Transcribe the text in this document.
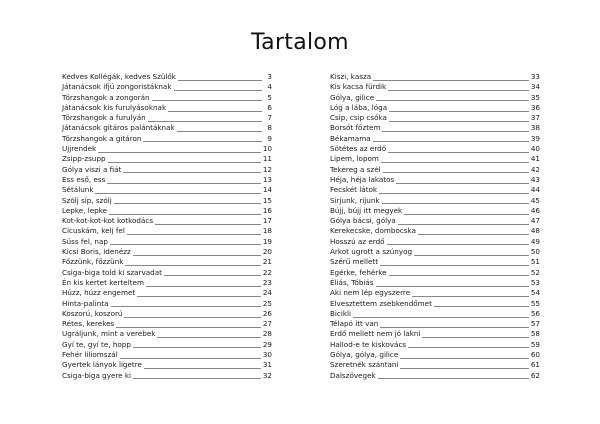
Tartalom
Kedves Kollégák, kedves Szülők	3
Játanácsok ifjú zongoristáknak	4
Törzshangok a zongorán	5
Játanácsok kis furulyásoknak	6
Törzshangok a furulyán	7
Játanácsok gitáros palántáknak	8
Törzshangok a gitáron	9
Ujjrendek	10
Zsipp-zsupp	11
Gólya viszi a fiát	12
Ess eső, ess	13
Sétálunk	14
Szólj síp, szólj	15
Lepke, lepke	16
Kot-kot-kot-kot kotkodács	17
Cicuskám, kelj fel	18
Süss fel, nap	19
Kicsi Boris, idenézz	20
Főzzünk, főzzünk	21
Csiga-biga told ki szarvadat	22
Én kis kertet kerteltem	23
Húzz, húzz engemet	24
Hinta-palinta	25
Koszorú, koszorú	26
Rétes, kerekes	27
Ugráljunk, mint a verebek	28
Gyí te, gyí te, hopp	29
Fehér liliomszál	30
Gyertek lányok ligetre	31
Csiga-biga gyere ki	32
Kiszi, kasza	33
Kis kacsa fürdik	34
Gólya, gilice	35
Lóg a lába, lóga	36
Csip, csip csóka	37
Borsót főztem	38
Békamama	39
Sötétes az erdő	40
Lipem, lopom	41
Tekereg a szél	42
Héja, héja lakatos	43
Fecskét látok	44
Sirjunk, rijunk	45
Bújj, bújj itt megyek	46
Gólya bácsi, gólya	47
Kerekecske, dombocska	48
Hosszú az erdő	49
Árkot ugrott a szúnyog	50
Szérű mellett	51
Egérke, fehérke	52
Éliás, Tóbiás	53
Aki nem lép egyszerre	54
Elvesztettem zsebkendőmet	55
Bicikli	56
Télapó itt van	57
Erdő mellett nem jó lakni	58
Hallod-e te kiskovács	59
Gólya, gólya, gilice	60
Szeretnék szántani	61
Dalszövegek	62
